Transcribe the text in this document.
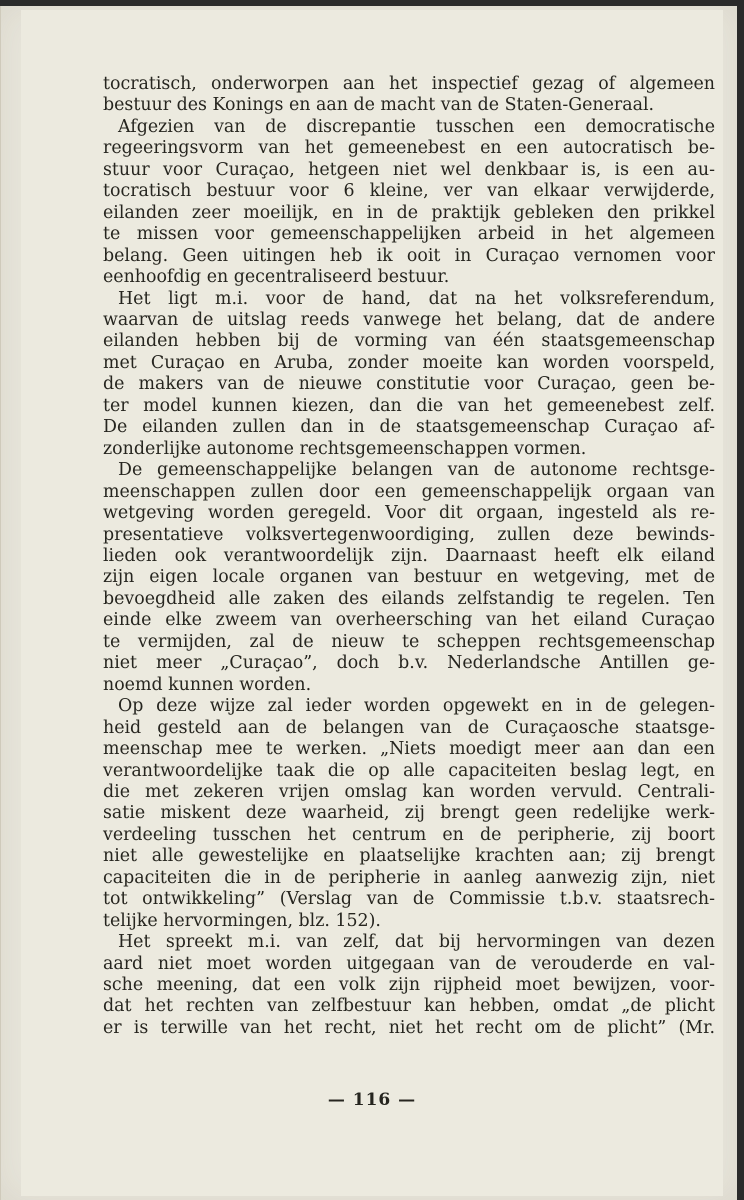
tocratisch, onderworpen aan het inspectief gezag of algemeen
bestuur des Konings en aan de macht van de Staten-Generaal.
Afgezien van de discrepantie tusschen een democratische
regeeringsvorm van het gemeenebest en een autocratisch be-
stuur voor Curaçao, hetgeen niet wel denkbaar is, is een au-
tocratisch bestuur voor 6 kleine, ver van elkaar verwijderde,
eilanden zeer moeilijk, en in de praktijk gebleken den prikkel
te missen voor gemeenschappelijken arbeid in het algemeen
belang. Geen uitingen heb ik ooit in Curaçao vernomen voor
eenhoofdig en gecentraliseerd bestuur.
Het ligt m.i. voor de hand, dat na het volksreferendum,
waarvan de uitslag reeds vanwege het belang, dat de andere
eilanden hebben bij de vorming van één staatsgemeenschap
met Curaçao en Aruba, zonder moeite kan worden voorspeld,
de makers van de nieuwe constitutie voor Curaçao, geen be-
ter model kunnen kiezen, dan die van het gemeenebest zelf.
De eilanden zullen dan in de staatsgemeenschap Curaçao af-
zonderlijke autonome rechtsgemeenschappen vormen.
De gemeenschappelijke belangen van de autonome rechtsge-
meenschappen zullen door een gemeenschappelijk orgaan van
wetgeving worden geregeld. Voor dit orgaan, ingesteld als re-
presentatieve volksvertegenwoordiging, zullen deze bewinds-
lieden ook verantwoordelijk zijn. Daarnaast heeft elk eiland
zijn eigen locale organen van bestuur en wetgeving, met de
bevoegdheid alle zaken des eilands zelfstandig te regelen. Ten
einde elke zweem van overheersching van het eiland Curaçao
te vermijden, zal de nieuw te scheppen rechtsgemeenschap
niet meer „Curaçao”, doch b.v. Nederlandsche Antillen ge-
noemd kunnen worden.
Op deze wijze zal ieder worden opgewekt en in de gelegen-
heid gesteld aan de belangen van de Curaçaosche staatsge-
meenschap mee te werken. „Niets moedigt meer aan dan een
verantwoordelijke taak die op alle capaciteiten beslag legt, en
die met zekeren vrijen omslag kan worden vervuld. Centrali-
satie miskent deze waarheid, zij brengt geen redelijke werk-
verdeeling tusschen het centrum en de peripherie, zij boort
niet alle gewestelijke en plaatselijke krachten aan; zij brengt
capaciteiten die in de peripherie in aanleg aanwezig zijn, niet
tot ontwikkeling” (Verslag van de Commissie t.b.v. staatsrech-
telijke hervormingen, blz. 152).
Het spreekt m.i. van zelf, dat bij hervormingen van dezen
aard niet moet worden uitgegaan van de verouderde en val-
sche meening, dat een volk zijn rijpheid moet bewijzen, voor-
dat het rechten van zelfbestuur kan hebben, omdat „de plicht
er is terwille van het recht, niet het recht om de plicht” (Mr.
— 116 —
